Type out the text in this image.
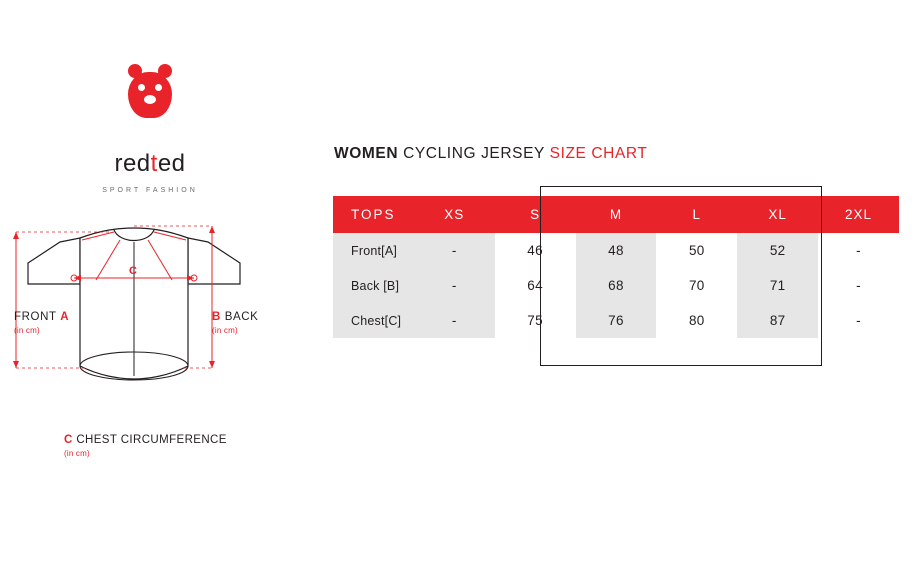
redted
SPORT FASHION
C
FRONT A
(in cm)
B BACK
(in cm)
C CHEST CIRCUMFERENCE
(in cm)
WOMEN CYCLING JERSEY SIZE CHART
TOPS	XS	S	M	L	XL	2XL
Front[A]	-	46	48	50	52	-
Back [B]	-	64	68	70	71	-
Chest[C]	-	75	76	80	87	-
